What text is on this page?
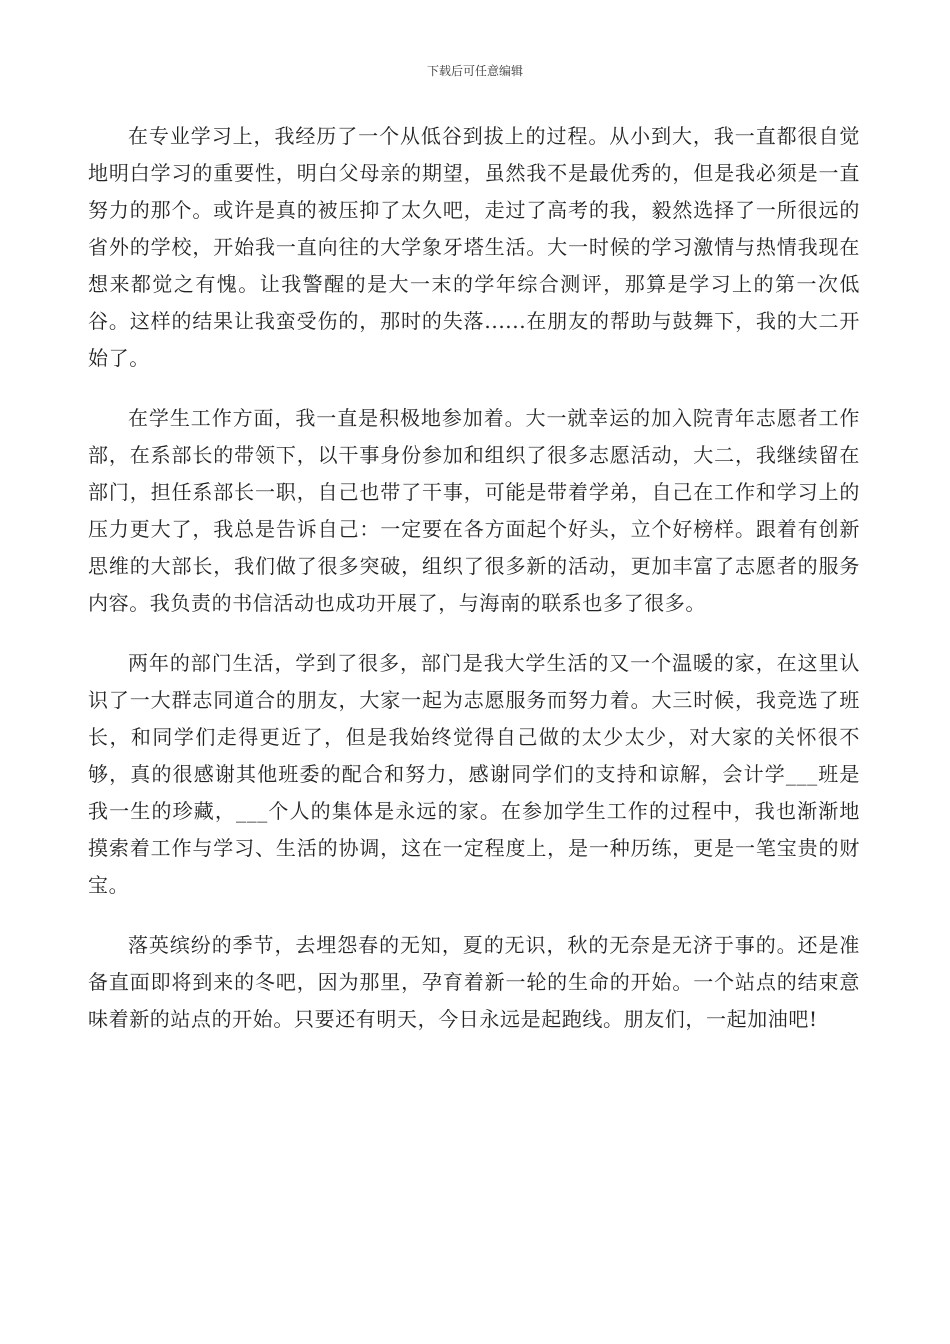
下载后可任意编辑

在专业学习上，我经历了一个从低谷到拔上的过程。从小到大，我一直都很自觉地明白学习的重要性，明白父母亲的期望，虽然我不是最优秀的，但是我必须是一直努力的那个。或许是真的被压抑了太久吧，走过了高考的我，毅然选择了一所很远的省外的学校，开始我一直向往的大学象牙塔生活。大一时候的学习激情与热情我现在想来都觉之有愧。让我警醒的是大一末的学年综合测评，那算是学习上的第一次低谷。这样的结果让我蛮受伤的，那时的失落......在朋友的帮助与鼓舞下，我的大二开始了。

在学生工作方面，我一直是积极地参加着。大一就幸运的加入院青年志愿者工作部，在系部长的带领下，以干事身份参加和组织了很多志愿活动，大二，我继续留在部门，担任系部长一职，自己也带了干事，可能是带着学弟，自己在工作和学习上的压力更大了，我总是告诉自己：一定要在各方面起个好头，立个好榜样。跟着有创新思维的大部长，我们做了很多突破，组织了很多新的活动，更加丰富了志愿者的服务内容。我负责的书信活动也成功开展了，与海南的联系也多了很多。

两年的部门生活，学到了很多，部门是我大学生活的又一个温暖的家，在这里认识了一大群志同道合的朋友，大家一起为志愿服务而努力着。大三时候，我竞选了班长，和同学们走得更近了，但是我始终觉得自己做的太少太少，对大家的关怀很不够，真的很感谢其他班委的配合和努力，感谢同学们的支持和谅解，会计学___班是我一生的珍藏，___个人的集体是永远的家。在参加学生工作的过程中，我也渐渐地摸索着工作与学习、生活的协调，这在一定程度上，是一种历练，更是一笔宝贵的财宝。

落英缤纷的季节，去埋怨春的无知，夏的无识，秋的无奈是无济于事的。还是准备直面即将到来的冬吧，因为那里，孕育着新一轮的生命的开始。一个站点的结束意味着新的站点的开始。只要还有明天，今日永远是起跑线。朋友们，一起加油吧!
